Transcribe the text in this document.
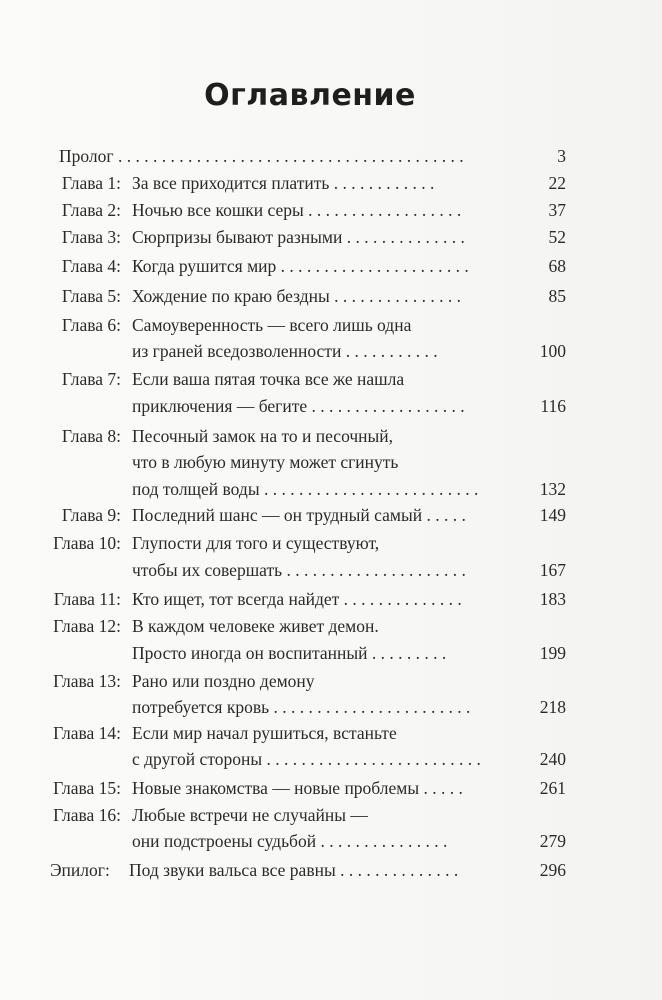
Оглавление
Пролог . . . . . . . . . . . . . . . . . . . . . . . . . . . . . . . . . . . . . . . .	3
Глава 1: За все приходится платить . . . . . . . . . . . .	22
Глава 2: Ночью все кошки серы . . . . . . . . . . . . . . . . . .	37
Глава 3: Сюрпризы бывают разными . . . . . . . . . . . . . .	52
Глава 4: Когда рушится мир . . . . . . . . . . . . . . . . . . . . . .	68
Глава 5: Хождение по краю бездны . . . . . . . . . . . . . . .	85
Глава 6: Самоуверенность — всего лишь одна
из граней вседозволенности . . . . . . . . . . .	100
Глава 7: Если ваша пятая точка все же нашла
приключения — бегите . . . . . . . . . . . . . . . . . .	116
Глава 8: Песочный замок на то и песочный,
что в любую минуту может сгинуть
под толщей воды . . . . . . . . . . . . . . . . . . . . . . . . .	132
Глава 9: Последний шанс — он трудный самый . . . . .	149
Глава 10: Глупости для того и существуют,
чтобы их совершать . . . . . . . . . . . . . . . . . . . . .	167
Глава 11: Кто ищет, тот всегда найдет . . . . . . . . . . . . . .	183
Глава 12: В каждом человеке живет демон.
Просто иногда он воспитанный . . . . . . . . .	199
Глава 13: Рано или поздно демону
потребуется кровь . . . . . . . . . . . . . . . . . . . . . . .	218
Глава 14: Если мир начал рушиться, встаньте
с другой стороны . . . . . . . . . . . . . . . . . . . . . . . . .	240
Глава 15: Новые знакомства — новые проблемы . . . . .	261
Глава 16: Любые встречи не случайны —
они подстроены судьбой . . . . . . . . . . . . . . .	279
Эпилог:	Под звуки вальса все равны . . . . . . . . . . . . . .	296
